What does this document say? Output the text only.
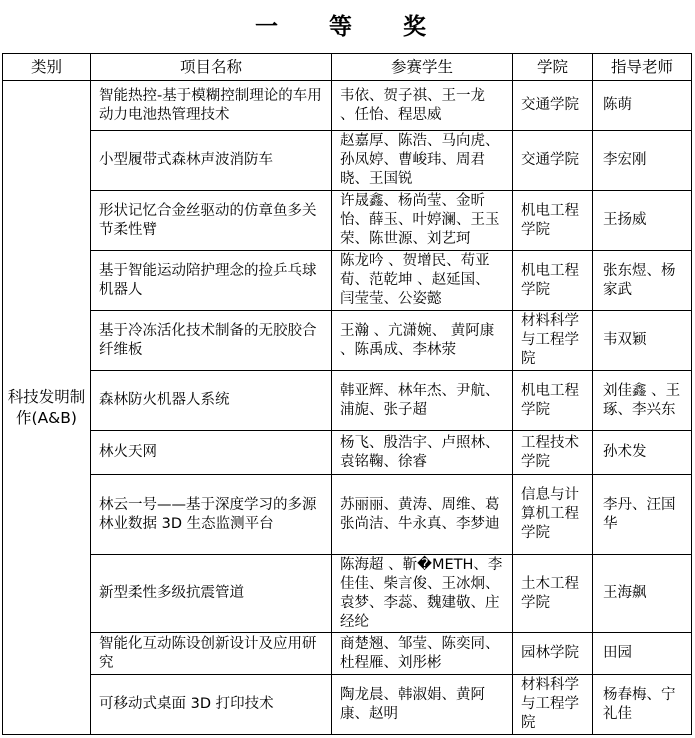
一　等　奖
类别	项目名称	参赛学生	学院	指导老师
科技发明制作(A&B)	智能热控-基于模糊控制理论的车用动力电池热管理技术	韦依、贺子祺、王一龙 、任怡、程思威	交通学院	陈萌
	小型履带式森林声波消防车	赵嘉厚、陈浩、马向虎、孙凤婷、曹峻玮、周君晓、王国锐	交通学院	李宏刚
	形状记忆合金丝驱动的仿章鱼多关节柔性臂	许晟鑫、杨尚莹、金昕怡、薛玉、叶婷澜、王玉荣、陈世源、刘艺珂	机电工程学院	王扬威
	基于智能运动陪护理念的捡乒乓球机器人	陈龙吟 、贺增民、苟亚荀、范乾坤 、赵延国、闫莹莹、公姿懿	机电工程学院	张东煜、杨家武
	基于冷冻活化技术制备的无胶胶合纤维板	王瀚 、亢潇婉、 黄阿康 、陈禹成、李林荥	材料科学与工程学院	韦双颖
	森林防火机器人系统	韩亚辉、林年杰、尹航、浦旎、张子超	机电工程学院	刘佳鑫 、王琢、李兴东
	林火天网	杨飞、殷浩宇、卢照林、袁铭鞠、徐睿	工程技术学院	孙术发
	林云一号——基于深度学习的多源林业数据 3D 生态监测平台	苏丽丽、黄涛、周维、葛张尚洁、牛永真、李梦迪	信息与计算机工程学院	李丹、汪国华
	新型柔性多级抗震管道	陈海超 、靳�METH、李佳佳、柴言俊、王冰炯、袁梦、李蕊、魏建敬、庄经纶	土木工程学院	王海飙
	智能化互动陈设创新设计及应用研究	商楚翘、邹莹、陈奕同、杜程雁、刘彤彬	园林学院	田园
	可移动式桌面 3D 打印技术	陶龙晨、韩淑娟、黄阿康、赵明	材料科学与工程学院	杨春梅、宁礼佳
